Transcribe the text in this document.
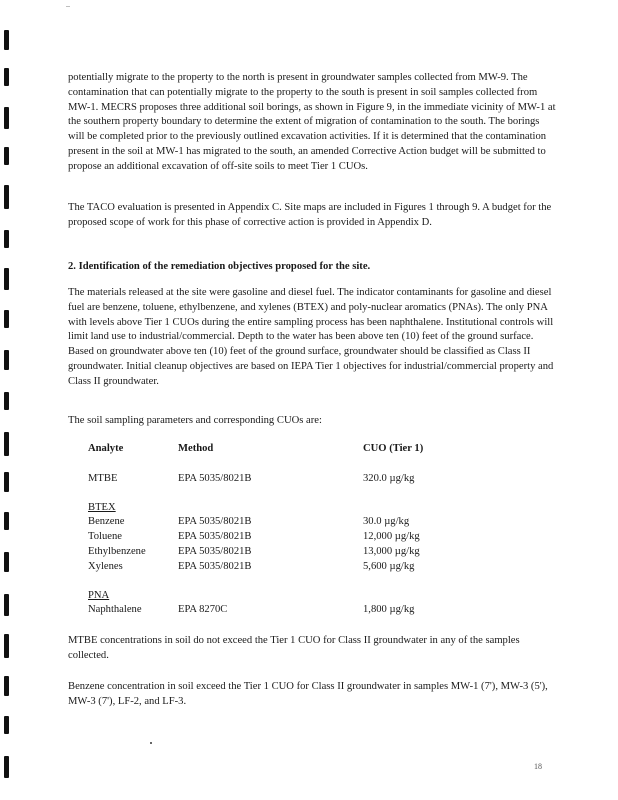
..

potentially migrate to the property to the north is present in groundwater samples collected from MW-9. The contamination that can potentially migrate to the property to the south is present in soil samples collected from MW-1. MECRS proposes three additional soil borings, as shown in Figure 9, in the immediate vicinity of MW-1 at the southern property boundary to determine the extent of migration of contamination to the south. The borings will be completed prior to the previously outlined excavation activities. If it is determined that the contamination present in the soil at MW-1 has migrated to the south, an amended Corrective Action budget will be submitted to propose an additional excavation of off-site soils to meet Tier 1 CUOs.

The TACO evaluation is presented in Appendix C. Site maps are included in Figures 1 through 9. A budget for the proposed scope of work for this phase of corrective action is provided in Appendix D.

2. Identification of the remediation objectives proposed for the site.

The materials released at the site were gasoline and diesel fuel. The indicator contaminants for gasoline and diesel fuel are benzene, toluene, ethylbenzene, and xylenes (BTEX) and poly-nuclear aromatics (PNAs). The only PNA with levels above Tier 1 CUOs during the entire sampling process has been naphthalene. Institutional controls will limit land use to industrial/commercial. Depth to the water has been above ten (10) feet of the ground surface. Based on groundwater above ten (10) feet of the ground surface, groundwater should be classified as Class II groundwater. Initial cleanup objectives are based on IEPA Tier 1 objectives for industrial/commercial property and Class II groundwater.

The soil sampling parameters and corresponding CUOs are:

Analyte	Method	CUO (Tier 1)
MTBE	EPA 5035/8021B	320.0 µg/kg
BTEX
Benzene	EPA 5035/8021B	30.0 µg/kg
Toluene	EPA 5035/8021B	12,000 µg/kg
Ethylbenzene	EPA 5035/8021B	13,000 µg/kg
Xylenes	EPA 5035/8021B	5,600 µg/kg
PNA
Naphthalene	EPA 8270C	1,800 µg/kg

MTBE concentrations in soil do not exceed the Tier 1 CUO for Class II groundwater in any of the samples collected.

Benzene concentration in soil exceed the Tier 1 CUO for Class II groundwater in samples MW-1 (7'), MW-3 (5'), MW-3 (7'), LF-2, and LF-3.

18
